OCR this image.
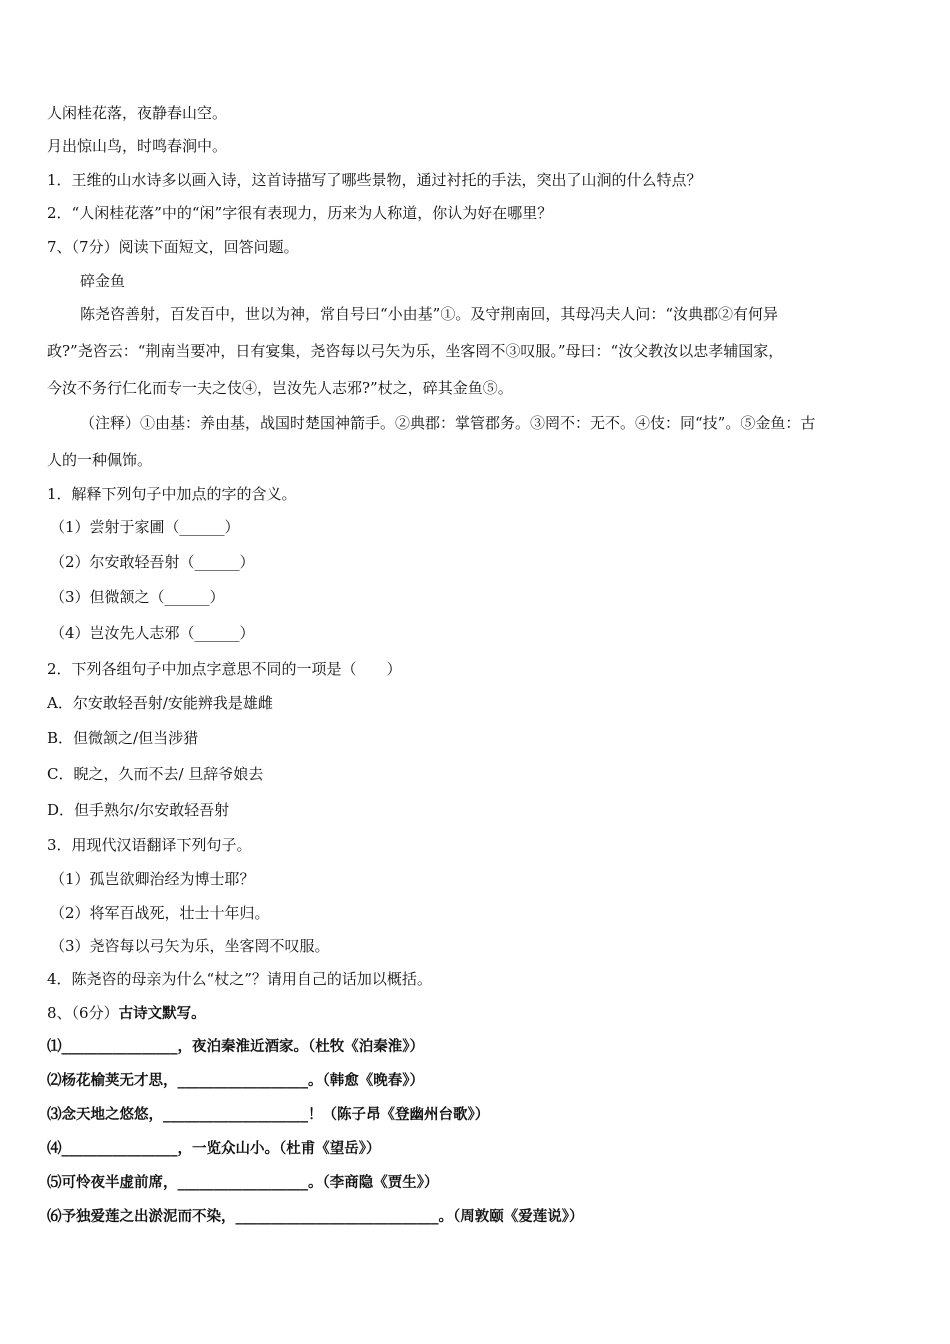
人闲桂花落，夜静春山空。
月出惊山鸟，时鸣春涧中。
1．王维的山水诗多以画入诗，这首诗描写了哪些景物，通过衬托的手法，突出了山涧的什么特点？
2．“人闲桂花落”中的“闲”字很有表现力，历来为人称道，你认为好在哪里？
7、（7分）阅读下面短文，回答问题。
碎金鱼
陈尧咨善射，百发百中，世以为神，常自号曰“小由基”①。及守荆南回，其母冯夫人问：“汝典郡②有何异
政?”尧咨云：“荆南当要冲，日有宴集，尧咨每以弓矢为乐，坐客罔不③叹服。”母曰：“汝父教汝以忠孝辅国家，
今汝不务行仁化而专一夫之伎④，岂汝先人志邪?”杖之，碎其金鱼⑤。
（注释）①由基：养由基，战国时楚国神箭手。②典郡：掌管郡务。③罔不：无不。④伎：同“技”。⑤金鱼：古
人的一种佩饰。
1．解释下列句子中加点的字的含义。
（1）尝射于家圃（______）
（2）尔安敢轻吾射（______）
（3）但微颔之（______）
（4）岂汝先人志邪（______）
2．下列各组句子中加点字意思不同的一项是（　　）
A．尔安敢轻吾射/安能辨我是雄雌
B．但微颔之/但当涉猎
C．睨之，久而不去/ 旦辞爷娘去
D．但手熟尔/尔安敢轻吾射
3．用现代汉语翻译下列句子。
（1）孤岂欲卿治经为博士耶？
（2）将军百战死，壮士十年归。
（3）尧咨每以弓矢为乐，坐客罔不叹服。
4．陈尧咨的母亲为什么“杖之”？请用自己的话加以概括。
8、（6分）古诗文默写。
⑴________________，夜泊秦淮近酒家。（杜牧《泊秦淮》）
⑵杨花榆荚无才思，__________________。（韩愈《晚春》）
⑶念天地之悠悠，____________________！（陈子昂《登幽州台歌》）
⑷________________，一览众山小。（杜甫《望岳》）
⑸可怜夜半虚前席，__________________。（李商隐《贾生》）
⑹予独爱莲之出淤泥而不染，____________________________。（周敦颐《爱莲说》）
